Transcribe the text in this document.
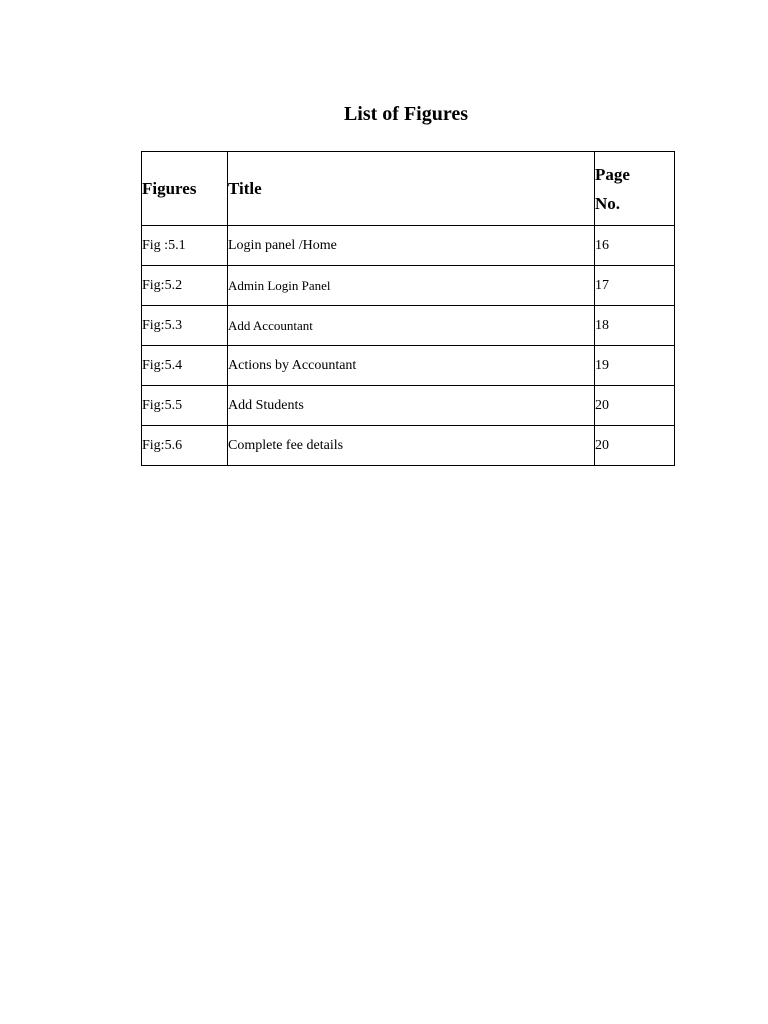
List of Figures
Figures	Title	Page
No.

Fig :5.1	Login panel /Home	16
Fig:5.2	Admin Login Panel	17
Fig:5.3	Add Accountant	18
Fig:5.4	Actions by Accountant	19
Fig:5.5	Add Students	20
Fig:5.6	Complete fee details	20
